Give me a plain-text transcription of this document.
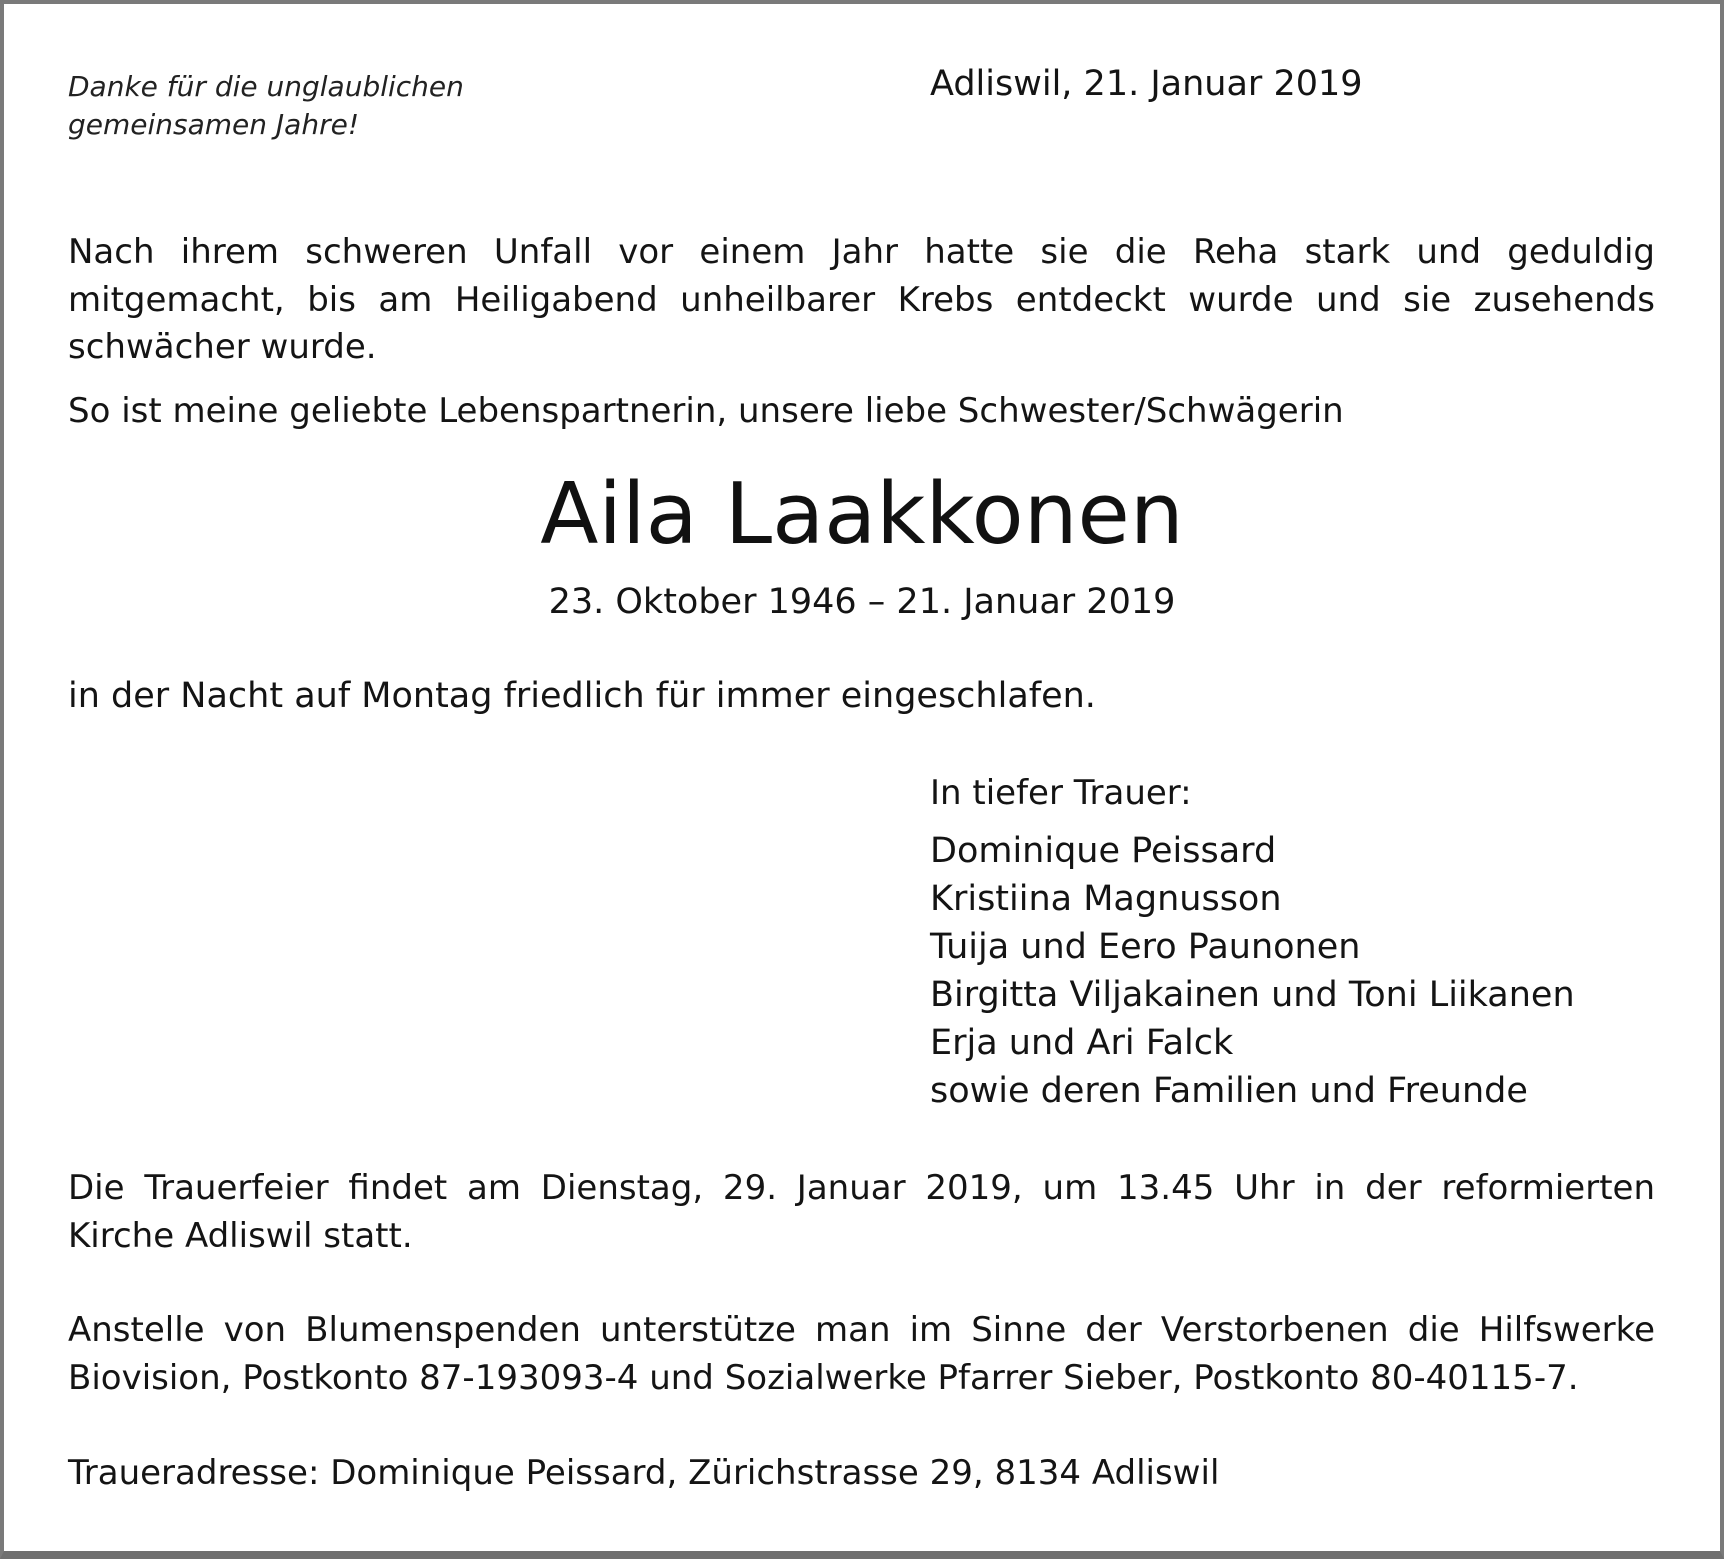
Danke für die unglaublichen
gemeinsamen Jahre!
Adliswil, 21. Januar 2019
Nach ihrem schweren Unfall vor einem Jahr hatte sie die Reha stark und geduldig
mitgemacht, bis am Heiligabend unheilbarer Krebs entdeckt wurde und sie zusehends
schwächer wurde.
So ist meine geliebte Lebenspartnerin, unsere liebe Schwester/Schwägerin
Aila Laakkonen
23. Oktober 1946 – 21. Januar 2019
in der Nacht auf Montag friedlich für immer eingeschlafen.
In tiefer Trauer:
Dominique Peissard
Kristiina Magnusson
Tuija und Eero Paunonen
Birgitta Viljakainen und Toni Liikanen
Erja und Ari Falck
sowie deren Familien und Freunde
Die Trauerfeier findet am Dienstag, 29. Januar 2019, um 13.45 Uhr in der reformierten
Kirche Adliswil statt.
Anstelle von Blumenspenden unterstütze man im Sinne der Verstorbenen die Hilfswerke
Biovision, Postkonto 87-193093-4 und Sozialwerke Pfarrer Sieber, Postkonto 80-40115-7.
Traueradresse: Dominique Peissard, Zürichstrasse 29, 8134 Adliswil
